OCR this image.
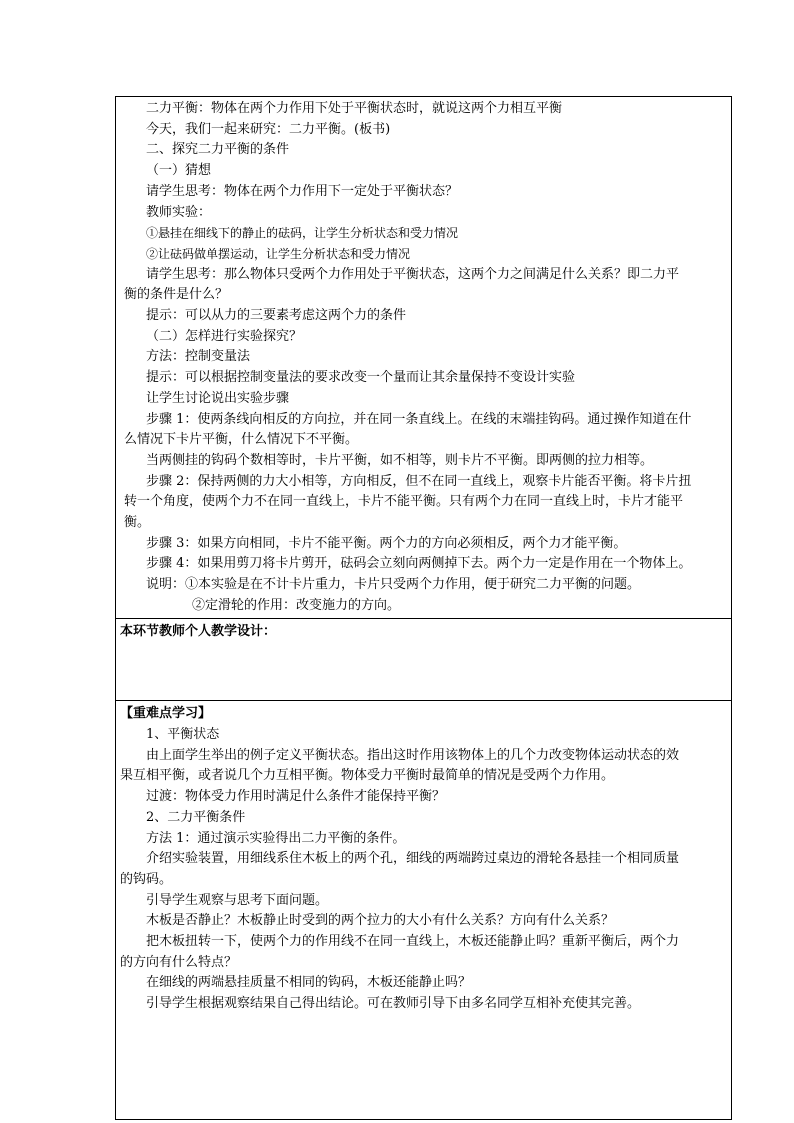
二力平衡：物体在两个力作用下处于平衡状态时，就说这两个力相互平衡
今天，我们一起来研究：二力平衡。(板书)
二、探究二力平衡的条件
（一）猜想
请学生思考：物体在两个力作用下一定处于平衡状态？
教师实验：
①悬挂在细线下的静止的砝码，让学生分析状态和受力情况
②让砝码做单摆运动，让学生分析状态和受力情况
请学生思考：那么物体只受两个力作用处于平衡状态，这两个力之间满足什么关系？即二力平
衡的条件是什么？
提示：可以从力的三要素考虑这两个力的条件
（二）怎样进行实验探究？
方法：控制变量法
提示：可以根据控制变量法的要求改变一个量而让其余量保持不变设计实验
让学生讨论说出实验步骤
步骤 1：使两条线向相反的方向拉，并在同一条直线上。在线的末端挂钩码。通过操作知道在什
么情况下卡片平衡，什么情况下不平衡。
当两侧挂的钩码个数相等时，卡片平衡，如不相等，则卡片不平衡。即两侧的拉力相等。
步骤 2：保持两侧的力大小相等，方向相反，但不在同一直线上，观察卡片能否平衡。将卡片扭
转一个角度，使两个力不在同一直线上，卡片不能平衡。只有两个力在同一直线上时，卡片才能平
衡。
步骤 3：如果方向相同，卡片不能平衡。两个力的方向必须相反，两个力才能平衡。
步骤 4：如果用剪刀将卡片剪开，砝码会立刻向两侧掉下去。两个力一定是作用在一个物体上。
说明：①本实验是在不计卡片重力，卡片只受两个力作用，便于研究二力平衡的问题。
②定滑轮的作用：改变施力的方向。
本环节教师个人教学设计：
【重难点学习】
1、平衡状态
由上面学生举出的例子定义平衡状态。指出这时作用该物体上的几个力改变物体运动状态的效
果互相平衡，或者说几个力互相平衡。物体受力平衡时最简单的情况是受两个力作用。
过渡：物体受力作用时满足什么条件才能保持平衡？
2、二力平衡条件
方法 1：通过演示实验得出二力平衡的条件。
介绍实验装置，用细线系住木板上的两个孔，细线的两端跨过桌边的滑轮各悬挂一个相同质量
的钩码。
引导学生观察与思考下面问题。
木板是否静止？木板静止时受到的两个拉力的大小有什么关系？方向有什么关系？
把木板扭转一下，使两个力的作用线不在同一直线上，木板还能静止吗？重新平衡后，两个力
的方向有什么特点？
在细线的两端悬挂质量不相同的钩码，木板还能静止吗？
引导学生根据观察结果自己得出结论。可在教师引导下由多名同学互相补充使其完善。
